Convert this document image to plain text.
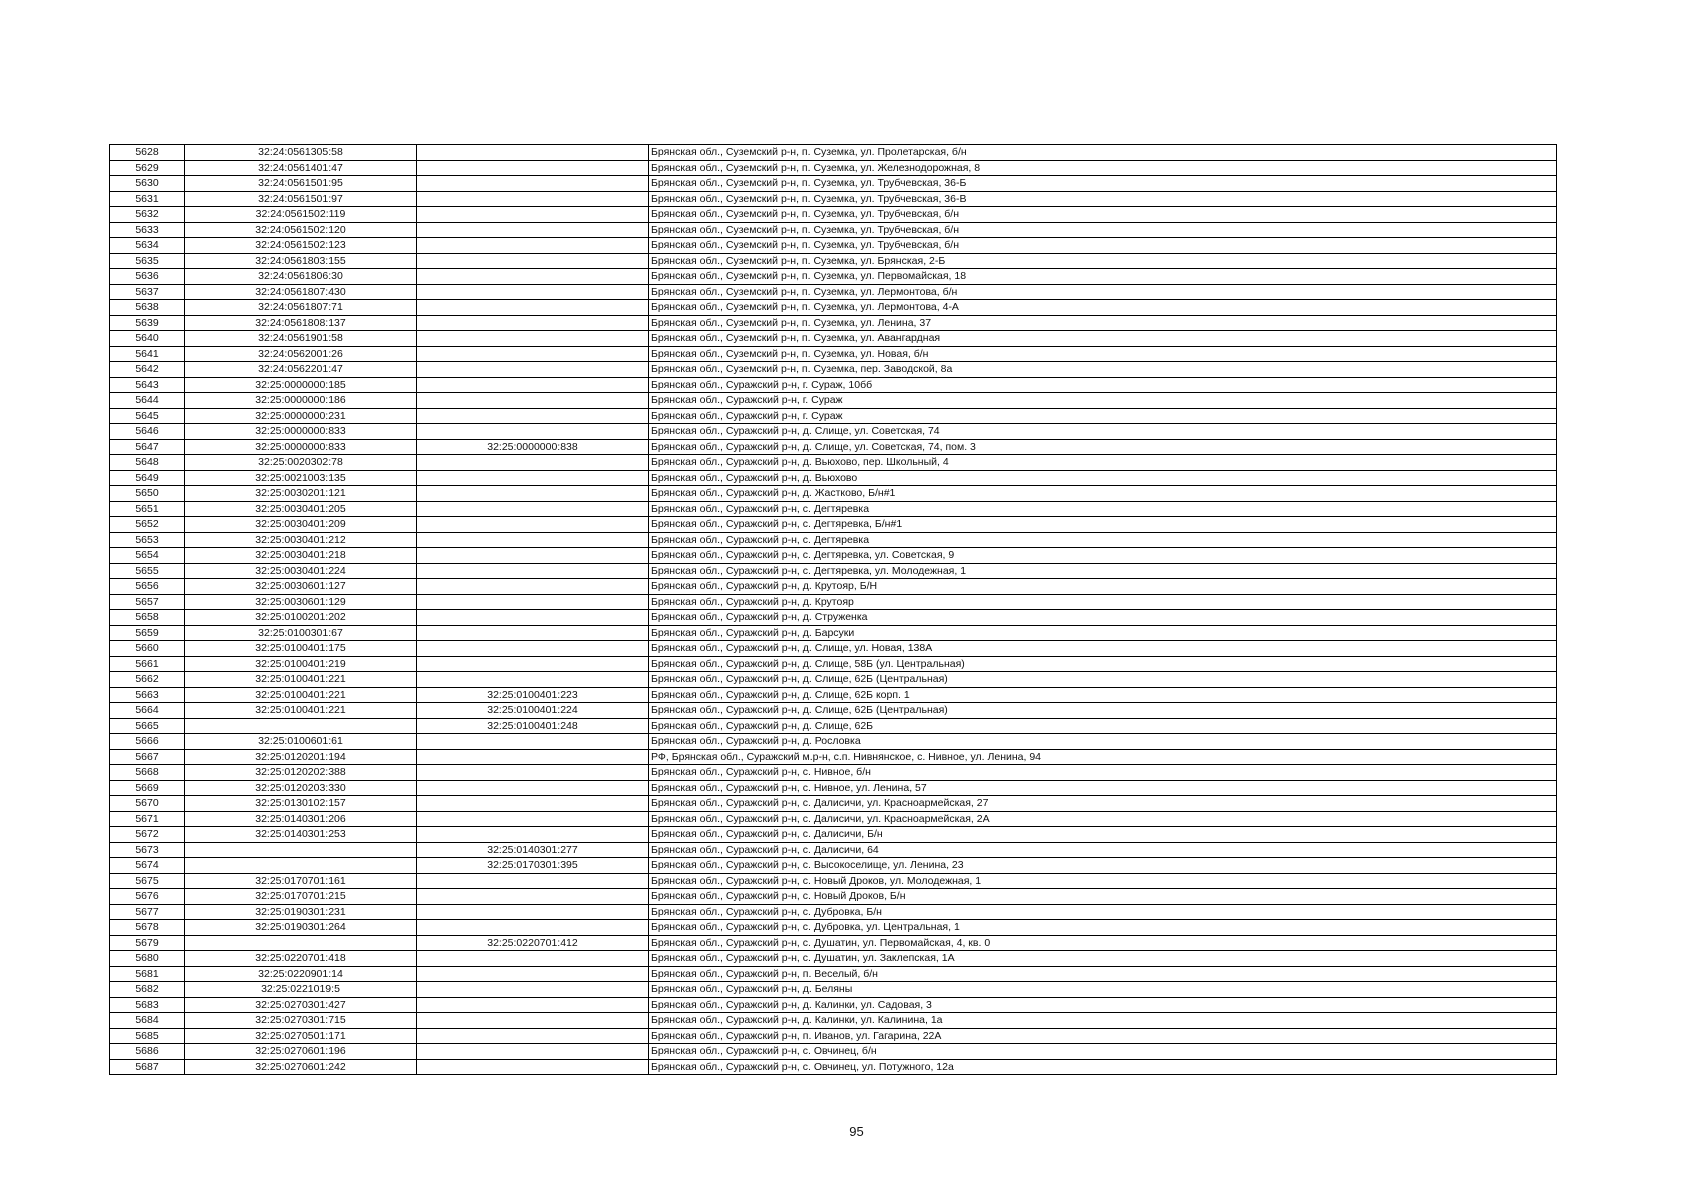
5628	32:24:0561305:58		Брянская обл., Суземский р-н, п. Суземка, ул. Пролетарская, б/н
5629	32:24:0561401:47		Брянская обл., Суземский р-н, п. Суземка, ул. Железнодорожная, 8
5630	32:24:0561501:95		Брянская обл., Суземский р-н, п. Суземка, ул. Трубчевская, 36-Б
5631	32:24:0561501:97		Брянская обл., Суземский р-н, п. Суземка, ул. Трубчевская, 36-В
5632	32:24:0561502:119		Брянская обл., Суземский р-н, п. Суземка, ул. Трубчевская, б/н
5633	32:24:0561502:120		Брянская обл., Суземский р-н, п. Суземка, ул. Трубчевская, б/н
5634	32:24:0561502:123		Брянская обл., Суземский р-н, п. Суземка, ул. Трубчевская, б/н
5635	32:24:0561803:155		Брянская обл., Суземский р-н, п. Суземка, ул. Брянская, 2-Б
5636	32:24:0561806:30		Брянская обл., Суземский р-н, п. Суземка, ул. Первомайская, 18
5637	32:24:0561807:430		Брянская обл., Суземский р-н, п. Суземка, ул. Лермонтова, б/н
5638	32:24:0561807:71		Брянская обл., Суземский р-н, п. Суземка, ул. Лермонтова, 4-А
5639	32:24:0561808:137		Брянская обл., Суземский р-н, п. Суземка, ул. Ленина, 37
5640	32:24:0561901:58		Брянская обл., Суземский р-н, п. Суземка, ул. Авангардная
5641	32:24:0562001:26		Брянская обл., Суземский р-н, п. Суземка, ул. Новая, б/н
5642	32:24:0562201:47		Брянская обл., Суземский р-н, п. Суземка, пер. Заводской, 8а
5643	32:25:0000000:185		Брянская обл., Суражский р-н, г. Сураж, 10бб
5644	32:25:0000000:186		Брянская обл., Суражский р-н, г. Сураж
5645	32:25:0000000:231		Брянская обл., Суражский р-н, г. Сураж
5646	32:25:0000000:833		Брянская обл., Суражский р-н, д. Слище, ул. Советская, 74
5647	32:25:0000000:833	32:25:0000000:838	Брянская обл., Суражский р-н, д. Слище, ул. Советская, 74, пом. 3
5648	32:25:0020302:78		Брянская обл., Суражский р-н, д. Вьюхово, пер. Школьный, 4
5649	32:25:0021003:135		Брянская обл., Суражский р-н, д. Вьюхово
5650	32:25:0030201:121		Брянская обл., Суражский р-н, д. Жастково, Б/н#1
5651	32:25:0030401:205		Брянская обл., Суражский р-н, с. Дегтяревка
5652	32:25:0030401:209		Брянская обл., Суражский р-н, с. Дегтяревка, Б/н#1
5653	32:25:0030401:212		Брянская обл., Суражский р-н, с. Дегтяревка
5654	32:25:0030401:218		Брянская обл., Суражский р-н, с. Дегтяревка, ул. Советская, 9
5655	32:25:0030401:224		Брянская обл., Суражский р-н, с. Дегтяревка, ул. Молодежная, 1
5656	32:25:0030601:127		Брянская обл., Суражский р-н, д. Крутояр, Б/Н
5657	32:25:0030601:129		Брянская обл., Суражский р-н, д. Крутояр
5658	32:25:0100201:202		Брянская обл., Суражский р-н, д. Струженка
5659	32:25:0100301:67		Брянская обл., Суражский р-н, д. Барсуки
5660	32:25:0100401:175		Брянская обл., Суражский р-н, д. Слище, ул. Новая, 138А
5661	32:25:0100401:219		Брянская обл., Суражский р-н, д. Слище, 58Б (ул. Центральная)
5662	32:25:0100401:221		Брянская обл., Суражский р-н, д. Слище, 62Б (Центральная)
5663	32:25:0100401:221	32:25:0100401:223	Брянская обл., Суражский р-н, д. Слище, 62Б корп. 1
5664	32:25:0100401:221	32:25:0100401:224	Брянская обл., Суражский р-н, д. Слище, 62Б (Центральная)
5665		32:25:0100401:248	Брянская обл., Суражский р-н, д. Слище, 62Б
5666	32:25:0100601:61		Брянская обл., Суражский р-н, д. Рословка
5667	32:25:0120201:194		РФ, Брянская обл., Суражский м.р-н, с.п. Нивнянское, с. Нивное, ул. Ленина, 94
5668	32:25:0120202:388		Брянская обл., Суражский р-н, с. Нивное, б/н
5669	32:25:0120203:330		Брянская обл., Суражский р-н, с. Нивное, ул. Ленина, 57
5670	32:25:0130102:157		Брянская обл., Суражский р-н, с. Далисичи, ул. Красноармейская, 27
5671	32:25:0140301:206		Брянская обл., Суражский р-н, с. Далисичи, ул. Красноармейская, 2А
5672	32:25:0140301:253		Брянская обл., Суражский р-н, с. Далисичи, Б/н
5673		32:25:0140301:277	Брянская обл., Суражский р-н, с. Далисичи, 64
5674		32:25:0170301:395	Брянская обл., Суражский р-н, с. Высокоселище, ул. Ленина, 23
5675	32:25:0170701:161		Брянская обл., Суражский р-н, с. Новый Дроков, ул. Молодежная, 1
5676	32:25:0170701:215		Брянская обл., Суражский р-н, с. Новый Дроков, Б/н
5677	32:25:0190301:231		Брянская обл., Суражский р-н, с. Дубровка, Б/н
5678	32:25:0190301:264		Брянская обл., Суражский р-н, с. Дубровка, ул. Центральная, 1
5679		32:25:0220701:412	Брянская обл., Суражский р-н, с. Душатин, ул. Первомайская, 4, кв. 0
5680	32:25:0220701:418		Брянская обл., Суражский р-н, с. Душатин, ул. Заклепская, 1А
5681	32:25:0220901:14		Брянская обл., Суражский р-н, п. Веселый, б/н
5682	32:25:0221019:5		Брянская обл., Суражский р-н, д. Беляны
5683	32:25:0270301:427		Брянская обл., Суражский р-н, д. Калинки, ул. Садовая, 3
5684	32:25:0270301:715		Брянская обл., Суражский р-н, д. Калинки, ул. Калинина, 1а
5685	32:25:0270501:171		Брянская обл., Суражский р-н, п. Иванов, ул. Гагарина, 22А
5686	32:25:0270601:196		Брянская обл., Суражский р-н, с. Овчинец, б/н
5687	32:25:0270601:242		Брянская обл., Суражский р-н, с. Овчинец, ул. Потужного, 12а
95
